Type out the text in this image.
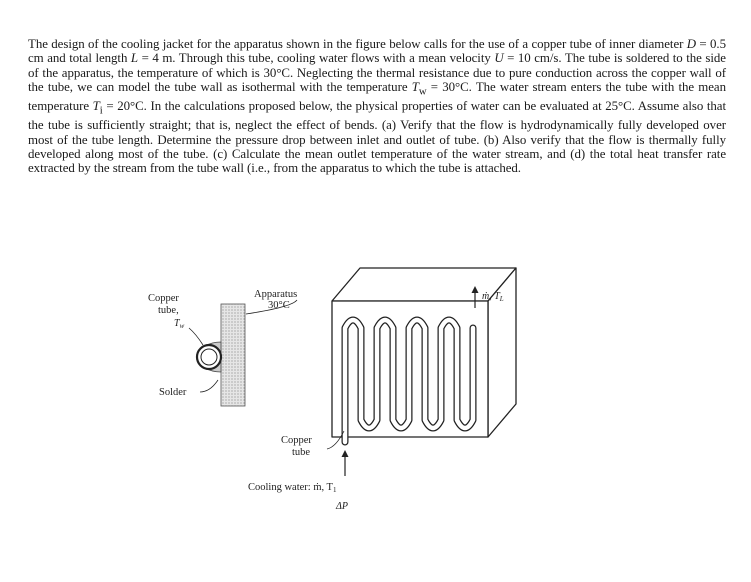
The design of the cooling jacket for the apparatus shown in the figure below calls for the use of a copper tube of inner diameter D = 0.5 cm and total length L = 4 m. Through this tube, cooling water flows with a mean velocity U = 10 cm/s. The tube is soldered to the side of the apparatus, the temperature of which is 30°C. Neglecting the thermal resistance due to pure conduction across the copper wall of the tube, we can model the tube wall as isothermal with the temperature $T_w = 30^\circ C$. The water stream enters the tube with the mean temperature $T_i = 20^\circ C$. In the calculations proposed below, the physical properties of water can be evaluated at 25°C. Assume also that the tube is sufficiently straight; that is, neglect the effect of bends. (a) Verify that the flow is hydrodynamically fully developed over most of the tube length. Determine the pressure drop between inlet and outlet of tube. (b) Also verify that the flow is thermally fully developed along most of the tube. (c) Calculate the mean outlet temperature of the water stream, and (d) the total heat transfer rate extracted by the stream from the tube wall (i.e., from the apparatus to which the tube is attached.

Copper
tube,
$T_w$
Solder
Apparatus
30°C
ṁ, $T_L$
Copper
tube
Cooling water: ṁ, T1
ΔP
